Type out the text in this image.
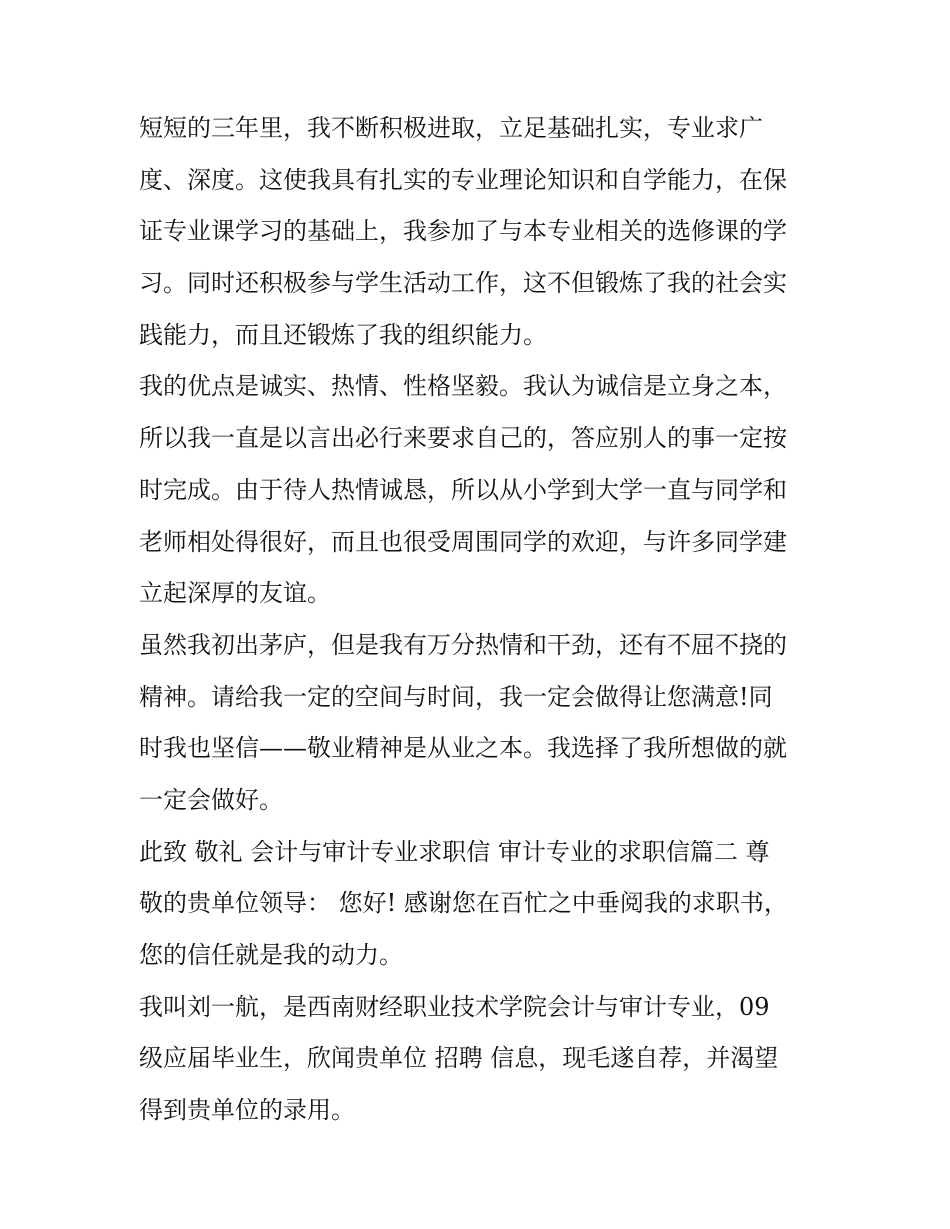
短短的三年里，我不断积极进取，立足基础扎实，专业求广
度、深度。这使我具有扎实的专业理论知识和自学能力，在保
证专业课学习的基础上，我参加了与本专业相关的选修课的学
习。同时还积极参与学生活动工作，这不但锻炼了我的社会实
践能力，而且还锻炼了我的组织能力。
我的优点是诚实、热情、性格坚毅。我认为诚信是立身之本，
所以我一直是以言出必行来要求自己的，答应别人的事一定按
时完成。由于待人热情诚恳，所以从小学到大学一直与同学和
老师相处得很好，而且也很受周围同学的欢迎，与许多同学建
立起深厚的友谊。
虽然我初出茅庐，但是我有万分热情和干劲，还有不屈不挠的
精神。请给我一定的空间与时间，我一定会做得让您满意!同
时我也坚信——敬业精神是从业之本。我选择了我所想做的就
一定会做好。
此致 敬礼 会计与审计专业求职信 审计专业的求职信篇二 尊
敬的贵单位领导： 您好! 感谢您在百忙之中垂阅我的求职书，
您的信任就是我的动力。
我叫刘一航，是西南财经职业技术学院会计与审计专业，09
级应届毕业生，欣闻贵单位 招聘 信息，现毛遂自荐，并渴望
得到贵单位的录用。
